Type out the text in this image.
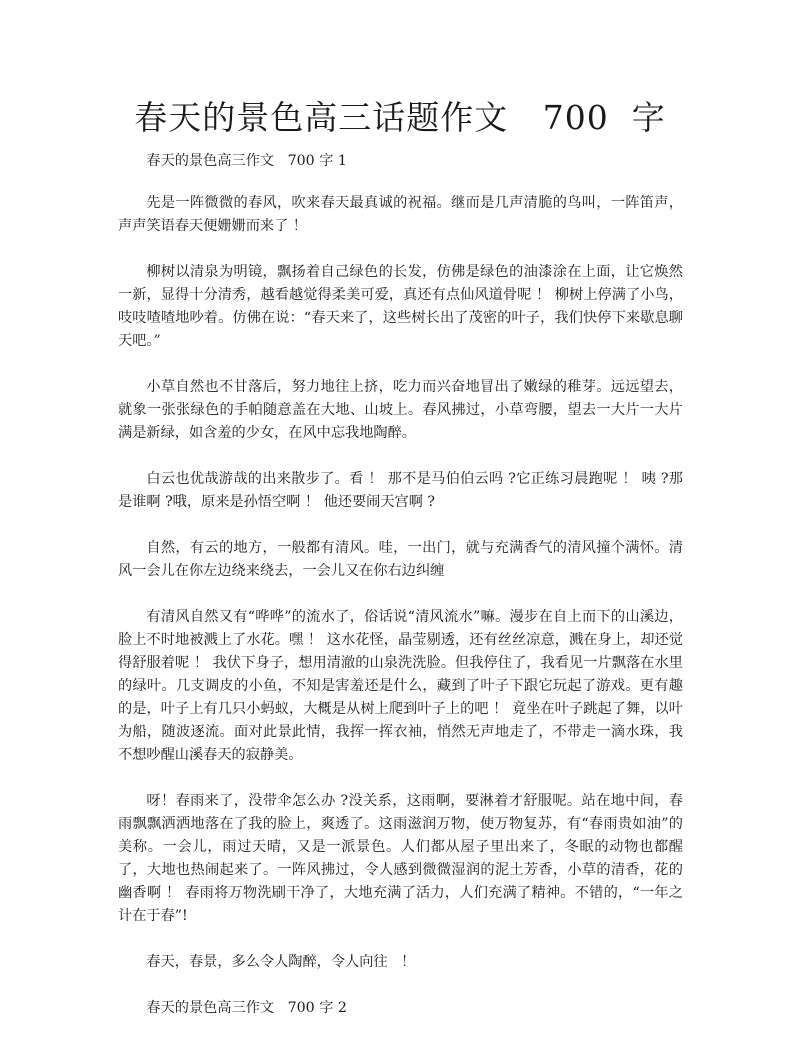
春天的景色高三话题作文   700  字

春天的景色高三作文   700 字 1

先是一阵微微的春风，吹来春天最真诚的祝福。继而是几声清脆的鸟叫，一阵笛声，声声笑语春天便姗姗而来了 ！

柳树以清泉为明镜，飘扬着自己绿色的长发，仿佛是绿色的油漆涂在上面，让它焕然一新，显得十分清秀，越看越觉得柔美可爱，真还有点仙风道骨呢 ！ 柳树上停满了小鸟，吱吱喳喳地吵着。仿佛在说：“春天来了，这些树长出了茂密的叶子，我们快停下来歇息聊天吧。”

小草自然也不甘落后，努力地往上挤，吃力而兴奋地冒出了嫩绿的稚芽。远远望去，就象一张张绿色的手帕随意盖在大地、山坡上。春风拂过，小草弯腰，望去一大片一大片满是新绿，如含羞的少女，在风中忘我地陶醉。

白云也优哉游哉的出来散步了。看 ！ 那不是马伯伯云吗 ?它正练习晨跑呢 ！ 咦 ?那是谁啊 ?哦，原来是孙悟空啊 ！ 他还要闹天宫啊 ?

自然，有云的地方，一般都有清风。哇，一出门，就与充满香气的清风撞个满怀。清风一会儿在你左边绕来绕去，一会儿又在你右边纠缠

有清风自然又有“哗哗”的流水了，俗话说“清风流水”嘛。漫步在自上而下的山溪边，脸上不时地被溅上了水花。嘿 ！ 这水花怪，晶莹剔透，还有丝丝凉意，溅在身上，却还觉得舒服着呢 ！ 我伏下身子，想用清澈的山泉洗洗脸。但我停住了，我看见一片飘落在水里的绿叶。几支调皮的小鱼，不知是害羞还是什么，藏到了叶子下跟它玩起了游戏。更有趣的是，叶子上有几只小蚂蚁，大概是从树上爬到叶子上的吧 ！ 竟坐在叶子跳起了舞，以叶为船，随波逐流。面对此景此情，我挥一挥衣袖，悄然无声地走了，不带走一滴水珠，我不想吵醒山溪春天的寂静美。

呀！春雨来了，没带伞怎么办 ?没关系，这雨啊，要淋着才舒服呢。站在地中间，春雨飘飘洒洒地落在了我的脸上，爽透了。这雨滋润万物，使万物复苏，有“春雨贵如油”的美称。一会儿，雨过天晴，又是一派景色。人们都从屋子里出来了，冬眠的动物也都醒了，大地也热闹起来了。一阵风拂过，令人感到微微湿润的泥土芳香，小草的清香，花的幽香啊 ！ 春雨将万物洗刷干净了，大地充满了活力，人们充满了精神。不错的，“一年之计在于春”!

春天，春景，多么令人陶醉，令人向往   ！

春天的景色高三作文   700 字 2
